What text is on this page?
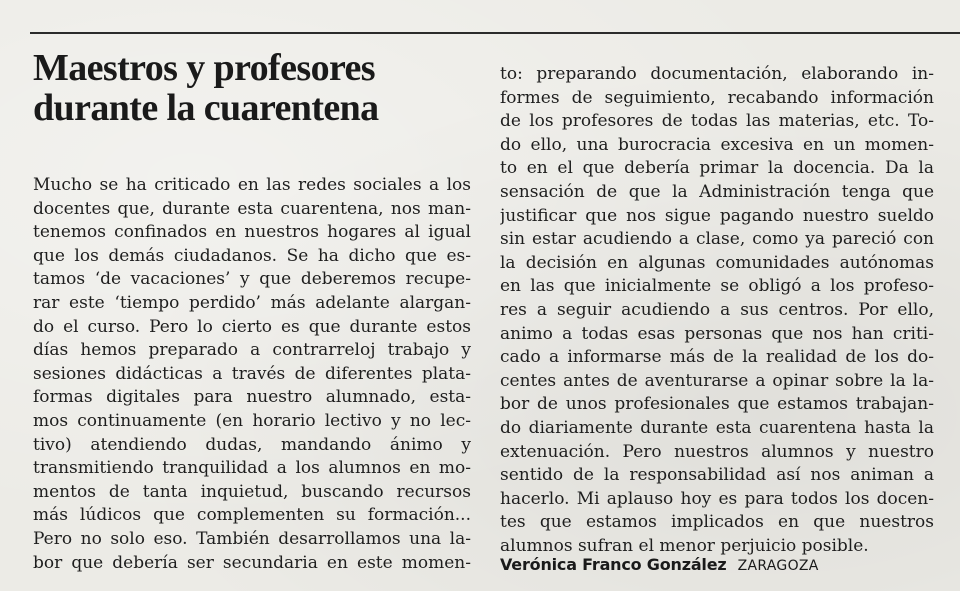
Maestros y profesores
durante la cuarentena
Mucho se ha criticado en las redes sociales a los
docentes que, durante esta cuarentena, nos man-
tenemos confinados en nuestros hogares al igual
que los demás ciudadanos. Se ha dicho que es-
tamos ‘de vacaciones’ y que deberemos recupe-
rar este ‘tiempo perdido’ más adelante alargan-
do el curso. Pero lo cierto es que durante estos
días hemos preparado a contrarreloj trabajo y
sesiones didácticas a través de diferentes plata-
formas digitales para nuestro alumnado, esta-
mos continuamente (en horario lectivo y no lec-
tivo) atendiendo dudas, mandando ánimo y
transmitiendo tranquilidad a los alumnos en mo-
mentos de tanta inquietud, buscando recursos
más lúdicos que complementen su formación...
Pero no solo eso. También desarrollamos una la-
bor que debería ser secundaria en este momen-
to: preparando documentación, elaborando in-
formes de seguimiento, recabando información
de los profesores de todas las materias, etc. To-
do ello, una burocracia excesiva en un momen-
to en el que debería primar la docencia. Da la
sensación de que la Administración tenga que
justificar que nos sigue pagando nuestro sueldo
sin estar acudiendo a clase, como ya pareció con
la decisión en algunas comunidades autónomas
en las que inicialmente se obligó a los profeso-
res a seguir acudiendo a sus centros. Por ello,
animo a todas esas personas que nos han criti-
cado a informarse más de la realidad de los do-
centes antes de aventurarse a opinar sobre la la-
bor de unos profesionales que estamos trabajan-
do diariamente durante esta cuarentena hasta la
extenuación. Pero nuestros alumnos y nuestro
sentido de la responsabilidad así nos animan a
hacerlo. Mi aplauso hoy es para todos los docen-
tes que estamos implicados en que nuestros
alumnos sufran el menor perjuicio posible.
Verónica Franco González ZARAGOZA
